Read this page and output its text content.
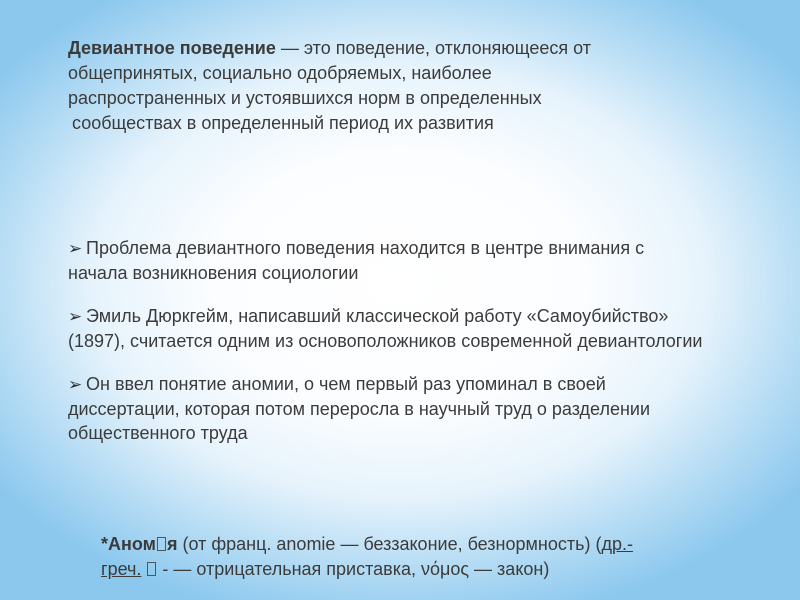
Девиантное поведение — это поведение, отклоняющееся от
общепринятых, социально одобряемых, наиболее
распространенных и устоявшихся норм в определенных
сообществах в определенный период их развития
➢ Проблема девиантного поведения находится в центре внимания с
начала возникновения социологии
➢ Эмиль Дюркгейм, написавший классической работу «Самоубийство»
(1897), считается одним из основоположников современной девиантологии
➢ Он ввел понятие аномии, о чем первый раз упоминал в своей
диссертации, которая потом переросла в научный труд о разделении
общественного труда
*Аном я (от франц. anomie — беззаконие, безнормность) (др.-
греч.  - — отрицательная приставка, νόμος — закон)
